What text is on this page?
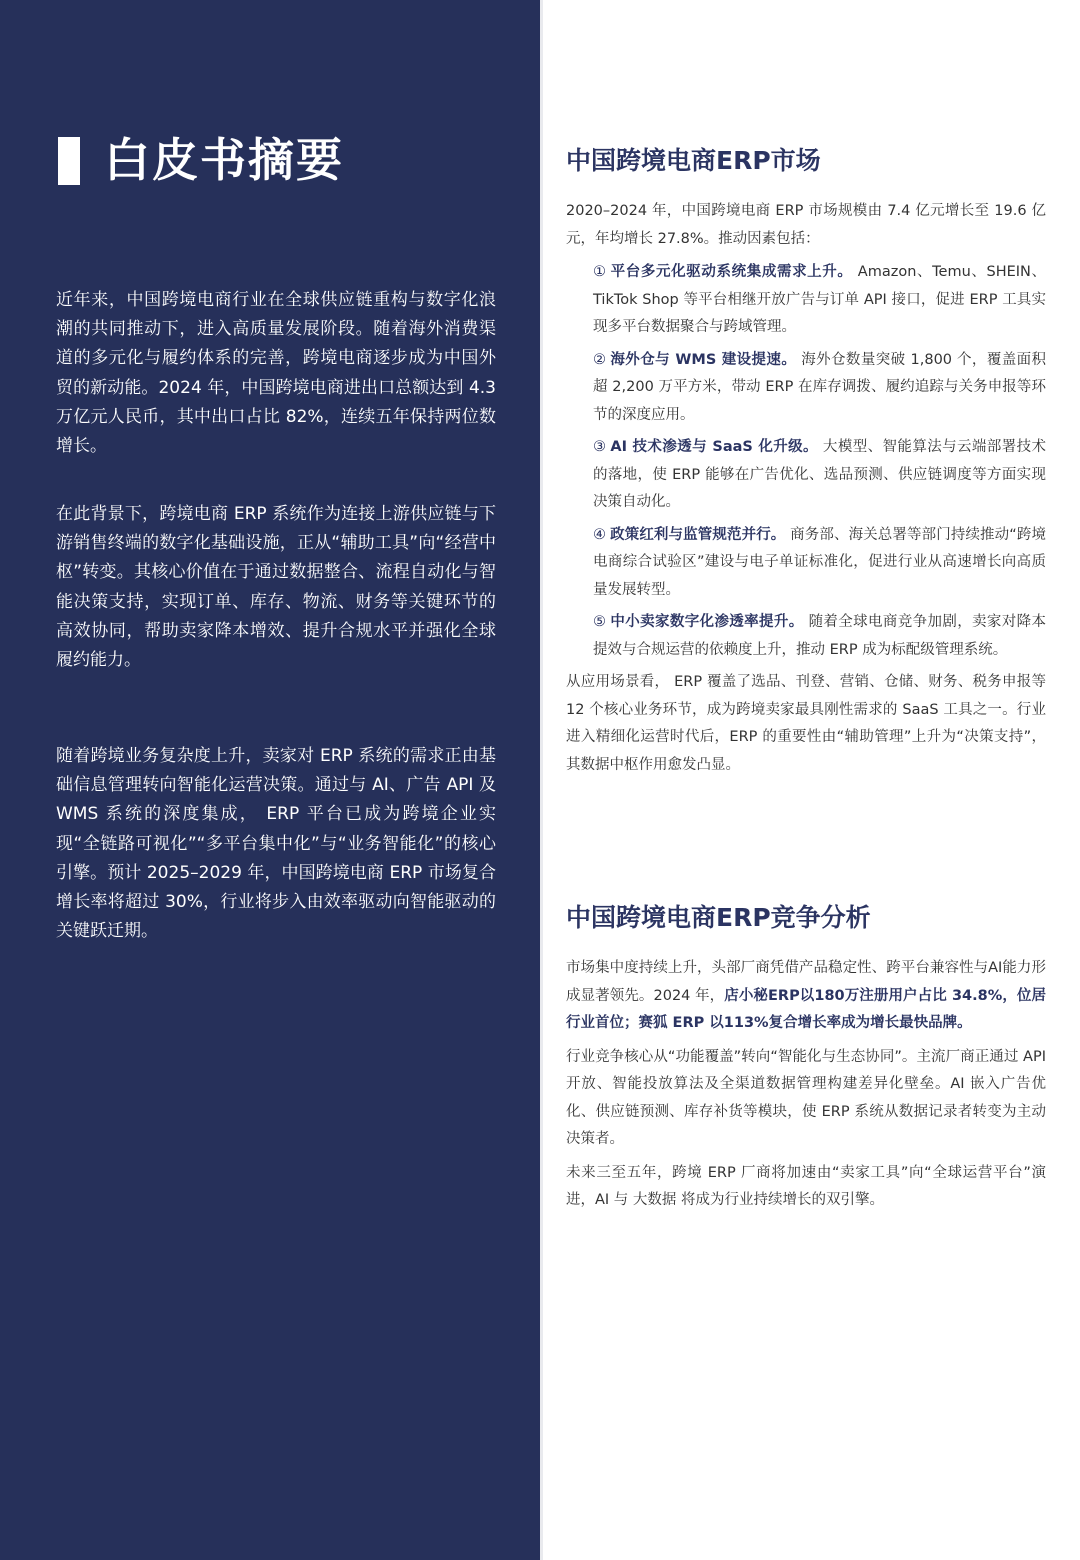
白皮书摘要

近年来，中国跨境电商行业在全球供应链重构与数字化浪潮的共同推动下，进入高质量发展阶段。随着海外消费渠道的多元化与履约体系的完善，跨境电商逐步成为中国外贸的新动能。2024 年，中国跨境电商进出口总额达到 4.3 万亿元人民币，其中出口占比 82%，连续五年保持两位数增长。

在此背景下，跨境电商 ERP 系统作为连接上游供应链与下游销售终端的数字化基础设施，正从“辅助工具”向“经营中枢”转变。其核心价值在于通过数据整合、流程自动化与智能决策支持，实现订单、库存、物流、财务等关键环节的高效协同，帮助卖家降本增效、提升合规水平并强化全球履约能力。

随着跨境业务复杂度上升，卖家对 ERP 系统的需求正由基础信息管理转向智能化运营决策。通过与 AI、广告 API 及 WMS 系统的深度集成， ERP 平台已成为跨境企业实现“全链路可视化”“多平台集中化”与“业务智能化”的核心引擎。预计 2025–2029 年，中国跨境电商 ERP 市场复合增长率将超过 30%，行业将步入由效率驱动向智能驱动的关键跃迁期。

中国跨境电商ERP市场

2020–2024 年，中国跨境电商 ERP 市场规模由 7.4 亿元增长至 19.6 亿元，年均增长 27.8%。推动因素包括：

① 平台多元化驱动系统集成需求上升。 Amazon、Temu、SHEIN、TikTok Shop 等平台相继开放广告与订单 API 接口，促进 ERP 工具实现多平台数据聚合与跨域管理。
② 海外仓与 WMS 建设提速。 海外仓数量突破 1,800 个，覆盖面积超 2,200 万平方米，带动 ERP 在库存调拨、履约追踪与关务申报等环节的深度应用。
③ AI 技术渗透与 SaaS 化升级。 大模型、智能算法与云端部署技术的落地，使 ERP 能够在广告优化、选品预测、供应链调度等方面实现决策自动化。
④ 政策红利与监管规范并行。 商务部、海关总署等部门持续推动“跨境电商综合试验区”建设与电子单证标准化，促进行业从高速增长向高质量发展转型。
⑤ 中小卖家数字化渗透率提升。 随着全球电商竞争加剧，卖家对降本提效与合规运营的依赖度上升，推动 ERP 成为标配级管理系统。

从应用场景看， ERP 覆盖了选品、刊登、营销、仓储、财务、税务申报等 12 个核心业务环节，成为跨境卖家最具刚性需求的 SaaS 工具之一。行业进入精细化运营时代后，ERP 的重要性由“辅助管理”上升为“决策支持”，其数据中枢作用愈发凸显。

中国跨境电商ERP竞争分析

市场集中度持续上升，头部厂商凭借产品稳定性、跨平台兼容性与AI能力形成显著领先。2024 年，店小秘ERP以180万注册用户占比 34.8%，位居行业首位；赛狐 ERP 以113%复合增长率成为增长最快品牌。

行业竞争核心从“功能覆盖”转向“智能化与生态协同”。主流厂商正通过 API 开放、智能投放算法及全渠道数据管理构建差异化壁垒。AI 嵌入广告优化、供应链预测、库存补货等模块，使 ERP 系统从数据记录者转变为主动决策者。

未来三至五年，跨境 ERP 厂商将加速由“卖家工具”向“全球运营平台”演进，AI 与 大数据 将成为行业持续增长的双引擎。
